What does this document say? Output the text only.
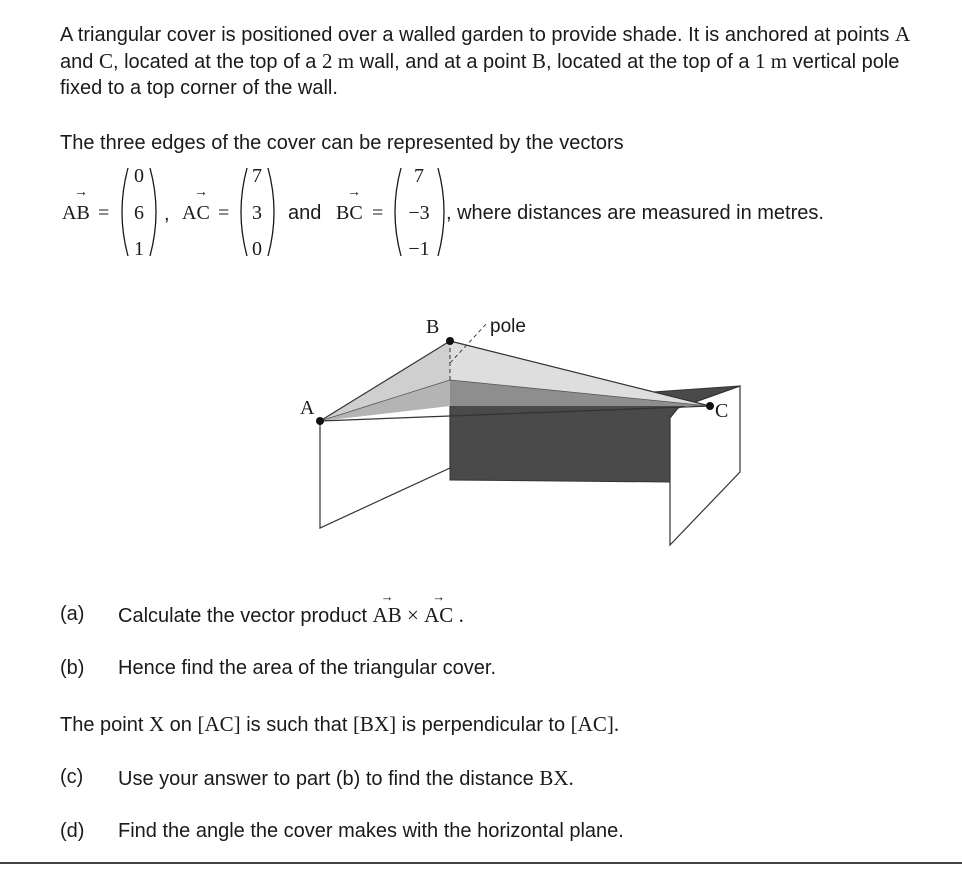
A triangular cover is positioned over a walled garden to provide shade. It is anchored at points A and C, located at the top of a 2 m wall, and at a point B, located at the top of a 1 m vertical pole fixed to a top corner of the wall.
The three edges of the cover can be represented by the vectors
AB
→
=
0
6
1
, AC
→
=
7
3
0
and BC
→
=
7
−3
−1
, where distances are measured in metres.
A
B
C
pole
(a) Calculate the vector product
→
AB ×
→
AC .
(b) Hence find the area of the triangular cover.
The point X on [AC] is such that [BX] is perpendicular to [AC].
(c) Use your answer to part (b) to find the distance BX.
(d) Find the angle the cover makes with the horizontal plane.
